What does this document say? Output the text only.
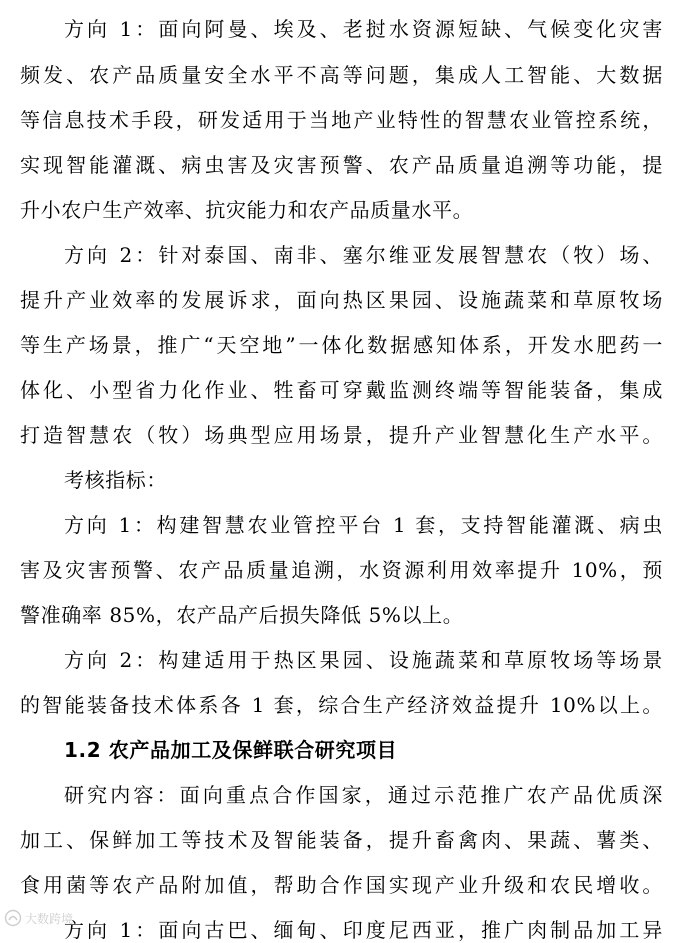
方向 1：面向阿曼、埃及、老挝水资源短缺、气候变化灾害
频发、农产品质量安全水平不高等问题，集成人工智能、大数据
等信息技术手段，研发适用于当地产业特性的智慧农业管控系统，
实现智能灌溉、病虫害及灾害预警、农产品质量追溯等功能，提
升小农户生产效率、抗灾能力和农产品质量水平。
方向 2：针对泰国、南非、塞尔维亚发展智慧农（牧）场、
提升产业效率的发展诉求，面向热区果园、设施蔬菜和草原牧场
等生产场景，推广“天空地”一体化数据感知体系，开发水肥药一
体化、小型省力化作业、牲畜可穿戴监测终端等智能装备，集成
打造智慧农（牧）场典型应用场景，提升产业智慧化生产水平。
考核指标：
方向 1：构建智慧农业管控平台 1 套，支持智能灌溉、病虫
害及灾害预警、农产品质量追溯，水资源利用效率提升 10%，预
警准确率 85%，农产品产后损失降低 5%以上。
方向 2：构建适用于热区果园、设施蔬菜和草原牧场等场景
的智能装备技术体系各 1 套，综合生产经济效益提升 10%以上。
1.2 农产品加工及保鲜联合研究项目
研究内容：面向重点合作国家，通过示范推广农产品优质深
加工、保鲜加工等技术及智能装备，提升畜禽肉、果蔬、薯类、
食用菌等农产品附加值，帮助合作国实现产业升级和农民增收。
方向 1：面向古巴、缅甸、印度尼西亚，推广肉制品加工异
大数跨境
